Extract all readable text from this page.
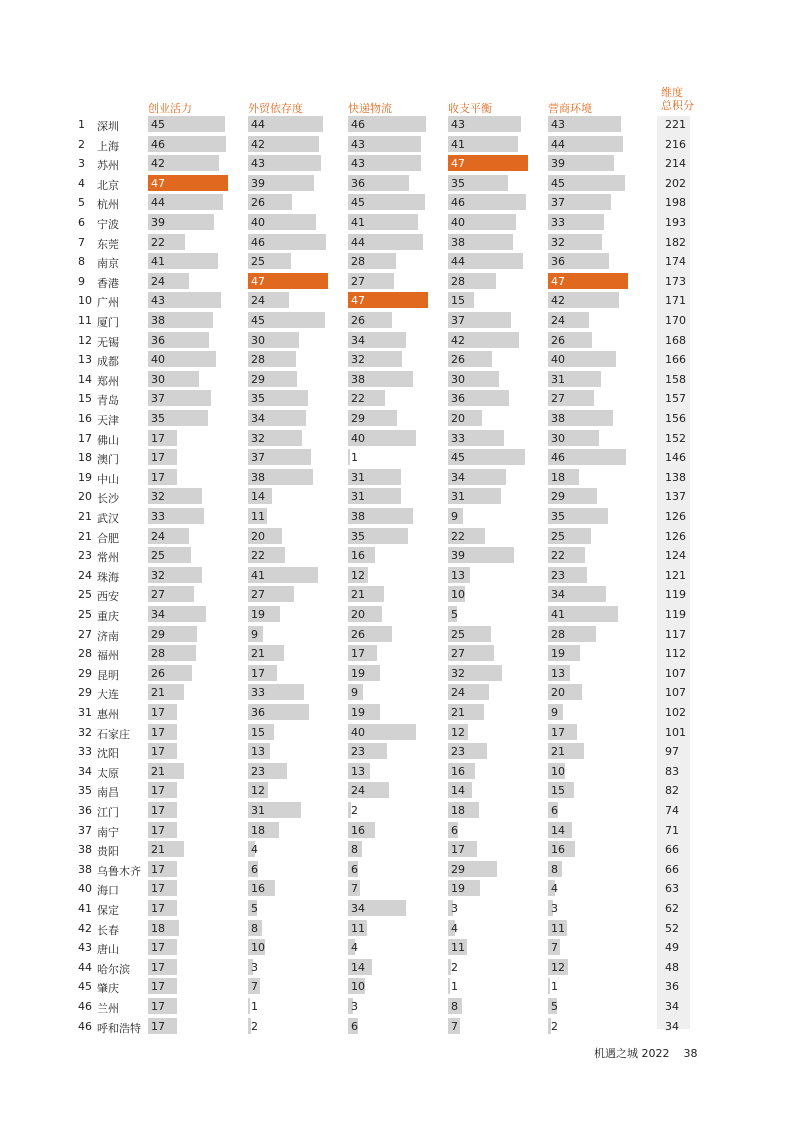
创业活力	外贸依存度	快递物流	收支平衡	营商环境
维度
总积分
1 深圳	45	44	46	43	43	221
2 上海	46	42	43	41	44	216
3 苏州	42	43	43	47	39	214
4 北京	47	39	36	35	45	202
5 杭州	44	26	45	46	37	198
6 宁波	39	40	41	40	33	193
7 东莞	22	46	44	38	32	182
8 南京	41	25	28	44	36	174
9 香港	24	47	27	28	47	173
10 广州	43	24	47	15	42	171
11 厦门	38	45	26	37	24	170
12 无锡	36	30	34	42	26	168
13 成都	40	28	32	26	40	166
14 郑州	30	29	38	30	31	158
15 青岛	37	35	22	36	27	157
16 天津	35	34	29	20	38	156
17 佛山	17	32	40	33	30	152
18 澳门	17	37	1	45	46	146
19 中山	17	38	31	34	18	138
20 长沙	32	14	31	31	29	137
21 武汉	33	11	38	9	35	126
21 合肥	24	20	35	22	25	126
23 常州	25	22	16	39	22	124
24 珠海	32	41	12	13	23	121
25 西安	27	27	21	10	34	119
25 重庆	34	19	20	5	41	119
27 济南	29	9	26	25	28	117
28 福州	28	21	17	27	19	112
29 昆明	26	17	19	32	13	107
29 大连	21	33	9	24	20	107
31 惠州	17	36	19	21	9	102
32 石家庄 17	15	40	12	17	101
33 沈阳	17	13	23	23	21	97
34 太原	21	23	13	16	10	83
35 南昌	17	12	24	14	15	82
36 江门	17	31	2	18	6	74
37 南宁	17	18	16	6	14	71
38 贵阳	21	4	8	17	16	66
38 乌鲁木齐 17	6	6	29	8	66
40 海口	17	16	7	19	4	63
41 保定	17	5	34	3	3	62
42 长春	18	8	11	4	11	52
43 唐山	17	10	4	11	7	49
44 哈尔滨 17	3	14	2	12	48
45 肇庆	17	7	10	1	1	36
46 兰州	17	1	3	8	5	34
46 呼和浩特 17	2	6	7	2	34
机遇之城 2022 38
